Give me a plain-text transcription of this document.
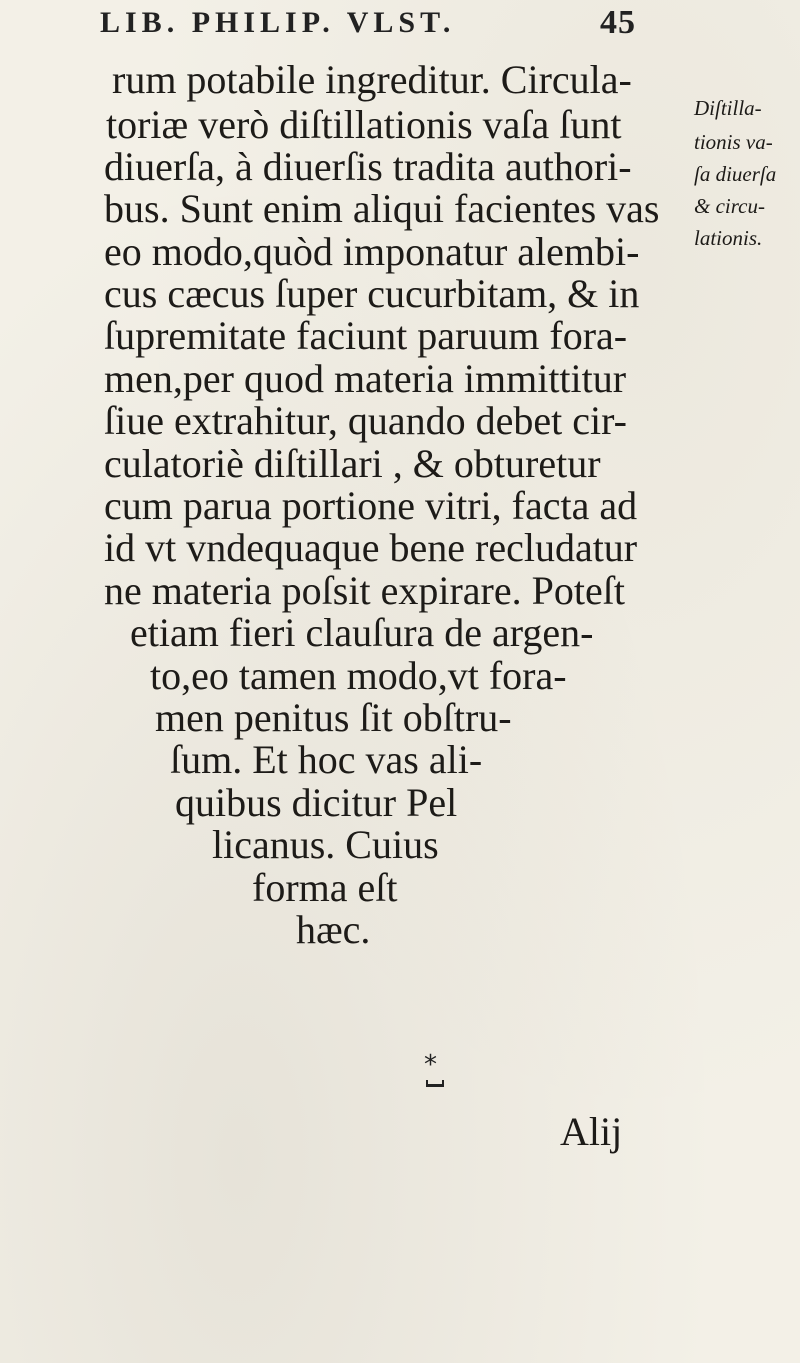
LIB. PHILIP. VLST.	45
rum potabile ingreditur. Circula-
toriæ verò diſtillationis vaſa ſunt
diuerſa, à diuerſis tradita authori-
bus. Sunt enim aliqui facientes vas
eo modo,quòd imponatur alembi-
cus cæcus ſuper cucurbitam, & in
ſupremitate faciunt paruum fora-
men,per quod materia immittitur
ſiue extrahitur, quando debet cir-
culatoriè diſtillari , & obturetur
cum parua portione vitri, facta ad
id vt vndequaque bene recludatur
ne materia poſsit expirare. Poteſt
etiam fieri clauſura de argen-
to,eo tamen modo,vt fora-
men penitus ſit obſtru-
ſum. Et hoc vas ali-
quibus dicitur Pel
licanus. Cuius
forma eſt
hæc.
Diſtilla-
tionis va-
ſa diuerſa
& circu-
lationis.
*
Alij
